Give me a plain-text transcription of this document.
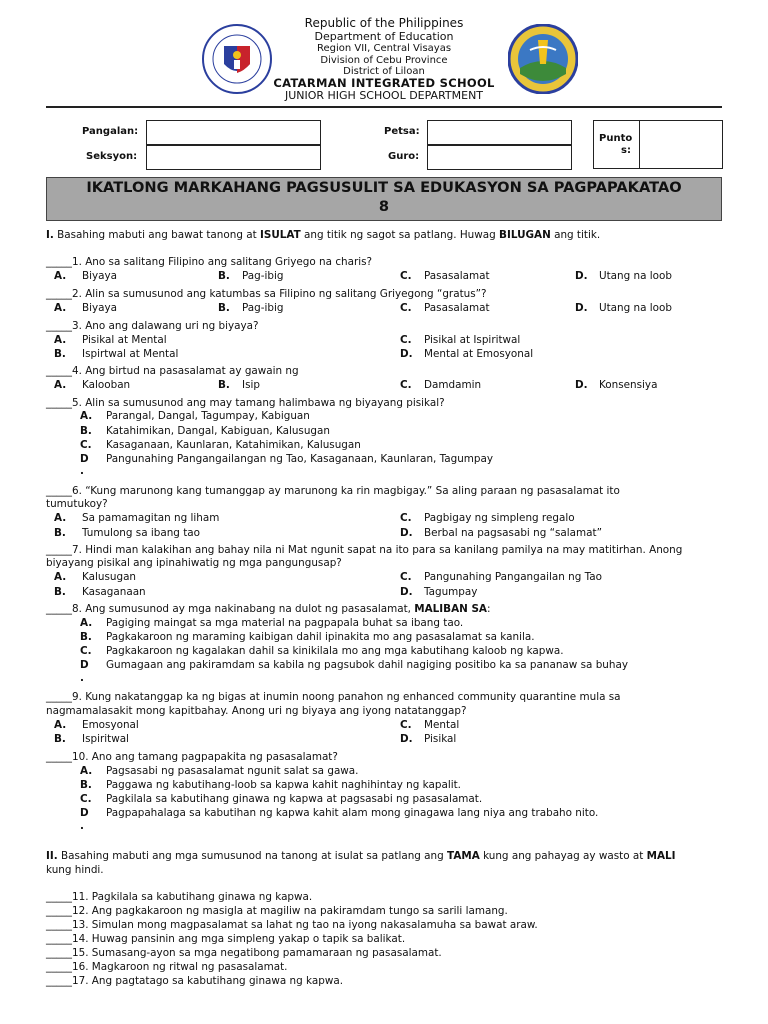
Republic of the Philippines
Department of Education
Region VII, Central Visayas
Division of Cebu Province
District of Liloan
CATARMAN INTEGRATED SCHOOL
JUNIOR HIGH SCHOOL DEPARTMENT
Pangalan:
Seksyon:
Petsa:
Guro:
Punto
s:
IKATLONG MARKAHANG PAGSUSULIT SA EDUKASYON SA PAGPAPAKATAO
8
I. Basahing mabuti ang bawat tanong at ISULAT ang titik ng sagot sa patlang. Huwag BILUGAN ang titik.
_____1. Ano sa salitang Filipino ang salitang Griyego na charis?
A. Biyaya	B. Pag-ibig	C. Pasasalamat	D. Utang na loob
_____2. Alin sa sumusunod ang katumbas sa Filipino ng salitang Griyegong “gratus”?
A. Biyaya	B. Pag-ibig	C. Pasasalamat	D. Utang na loob
_____3. Ano ang dalawang uri ng biyaya?
A. Pisikal at Mental	C. Pisikal at Ispiritwal
B. Ispirtwal at Mental	D. Mental at Emosyonal
_____4. Ang birtud na pasasalamat ay gawain ng
A. Kalooban	B. Isip	C. Damdamin	D. Konsensiya
_____5. Alin sa sumusunod ang may tamang halimbawa ng biyayang pisikal?
A. Parangal, Dangal, Tagumpay, Kabiguan
B. Katahimikan, Dangal, Kabiguan, Kalusugan
C. Kasaganaan, Kaunlaran, Katahimikan, Kalusugan
D Pangunahing Pangangailangan ng Tao, Kasaganaan, Kaunlaran, Tagumpay
.
_____6. “Kung marunong kang tumanggap ay marunong ka rin magbigay.” Sa aling paraan ng pasasalamat ito
tumutukoy?
A. Sa pamamagitan ng liham	C. Pagbigay ng simpleng regalo
B. Tumulong sa ibang tao	D. Berbal na pagsasabi ng “salamat”
_____7. Hindi man kalakihan ang bahay nila ni Mat ngunit sapat na ito para sa kanilang pamilya na may matitirhan. Anong
biyayang pisikal ang ipinahiwatig ng mga pangungusap?
A. Kalusugan	C. Pangunahing Pangangailan ng Tao
B. Kasaganaan	D. Tagumpay
_____8. Ang sumusunod ay mga nakinabang na dulot ng pasasalamat, MALIBAN SA:
A. Pagiging maingat sa mga material na pagpapala buhat sa ibang tao.
B. Pagkakaroon ng maraming kaibigan dahil ipinakita mo ang pasasalamat sa kanila.
C. Pagkakaroon ng kagalakan dahil sa kinikilala mo ang mga kabutihang kaloob ng kapwa.
D Gumagaan ang pakiramdam sa kabila ng pagsubok dahil nagiging positibo ka sa pananaw sa buhay
.
_____9. Kung nakatanggap ka ng bigas at inumin noong panahon ng enhanced community quarantine mula sa
nagmamalasakit mong kapitbahay. Anong uri ng biyaya ang iyong natatanggap?
A. Emosyonal	C. Mental
B. Ispiritwal	D. Pisikal
_____10. Ano ang tamang pagpapakita ng pasasalamat?
A. Pagsasabi ng pasasalamat ngunit salat sa gawa.
B. Paggawa ng kabutihang-loob sa kapwa kahit naghihintay ng kapalit.
C. Pagkilala sa kabutihang ginawa ng kapwa at pagsasabi ng pasasalamat.
D Pagpapahalaga sa kabutihan ng kapwa kahit alam mong ginagawa lang niya ang trabaho nito.
.
II. Basahing mabuti ang mga sumusunod na tanong at isulat sa patlang ang TAMA kung ang pahayag ay wasto at MALI
kung hindi.
_____11. Pagkilala sa kabutihang ginawa ng kapwa.
_____12. Ang pagkakaroon ng masigla at magiliw na pakiramdam tungo sa sarili lamang.
_____13. Simulan mong magpasalamat sa lahat ng tao na iyong nakasalamuha sa bawat araw.
_____14. Huwag pansinin ang mga simpleng yakap o tapik sa balikat.
_____15. Sumasang-ayon sa mga negatibong pamamaraan ng pasasalamat.
_____16. Magkaroon ng ritwal ng pasasalamat.
_____17. Ang pagtatago sa kabutihang ginawa ng kapwa.
